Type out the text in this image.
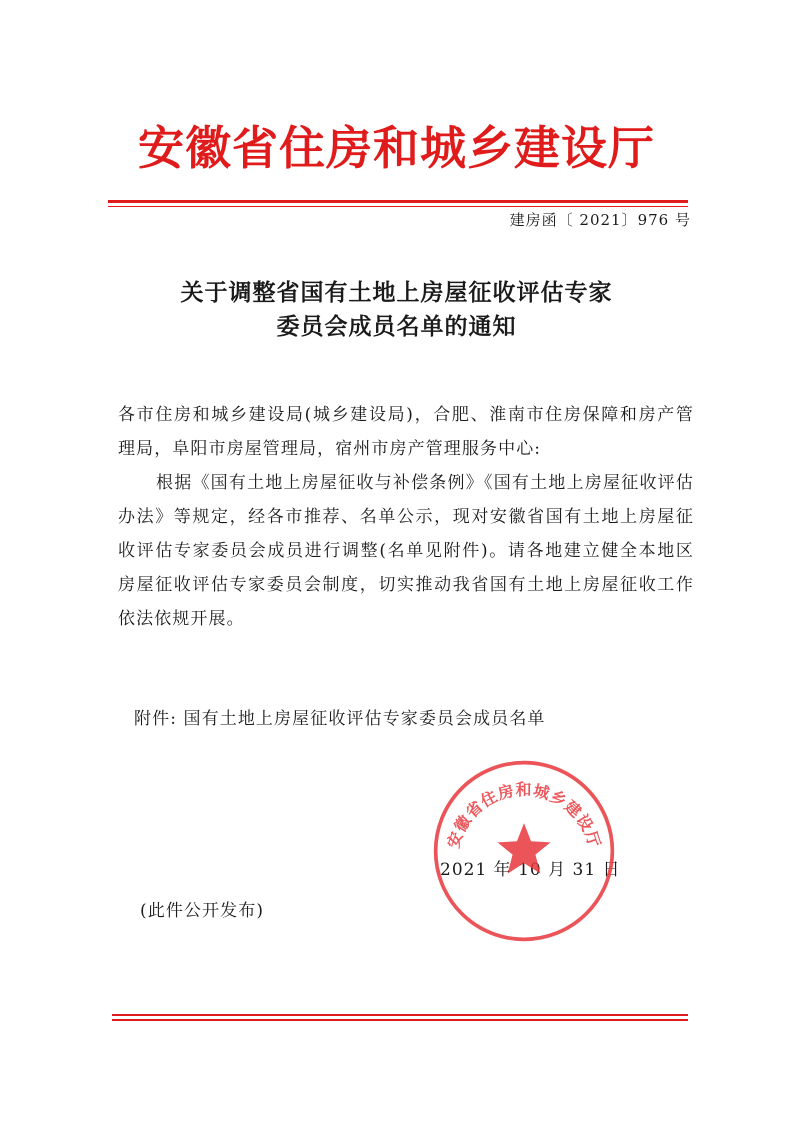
安徽省住房和城乡建设厅
建房函〔 2021〕976 号
关于调整省国有土地上房屋征收评估专家
委员会成员名单的通知

各市住房和城乡建设局(城乡建设局)，合肥、淮南市住房保障和房产管理局，阜阳市房屋管理局，宿州市房产管理服务中心:

根据《国有土地上房屋征收与补偿条例》《国有土地上房屋征收评估办法》等规定，经各市推荐、名单公示，现对安徽省国有土地上房屋征收评估专家委员会成员进行调整(名单见附件)。请各地建立健全本地区房屋征收评估专家委员会制度，切实推动我省国有土地上房屋征收工作依法依规开展。

附件: 国有土地上房屋征收评估专家委员会成员名单
2021 年 10 月 31 日
(此件公开发布)
安徽省住房和城乡建设厅
